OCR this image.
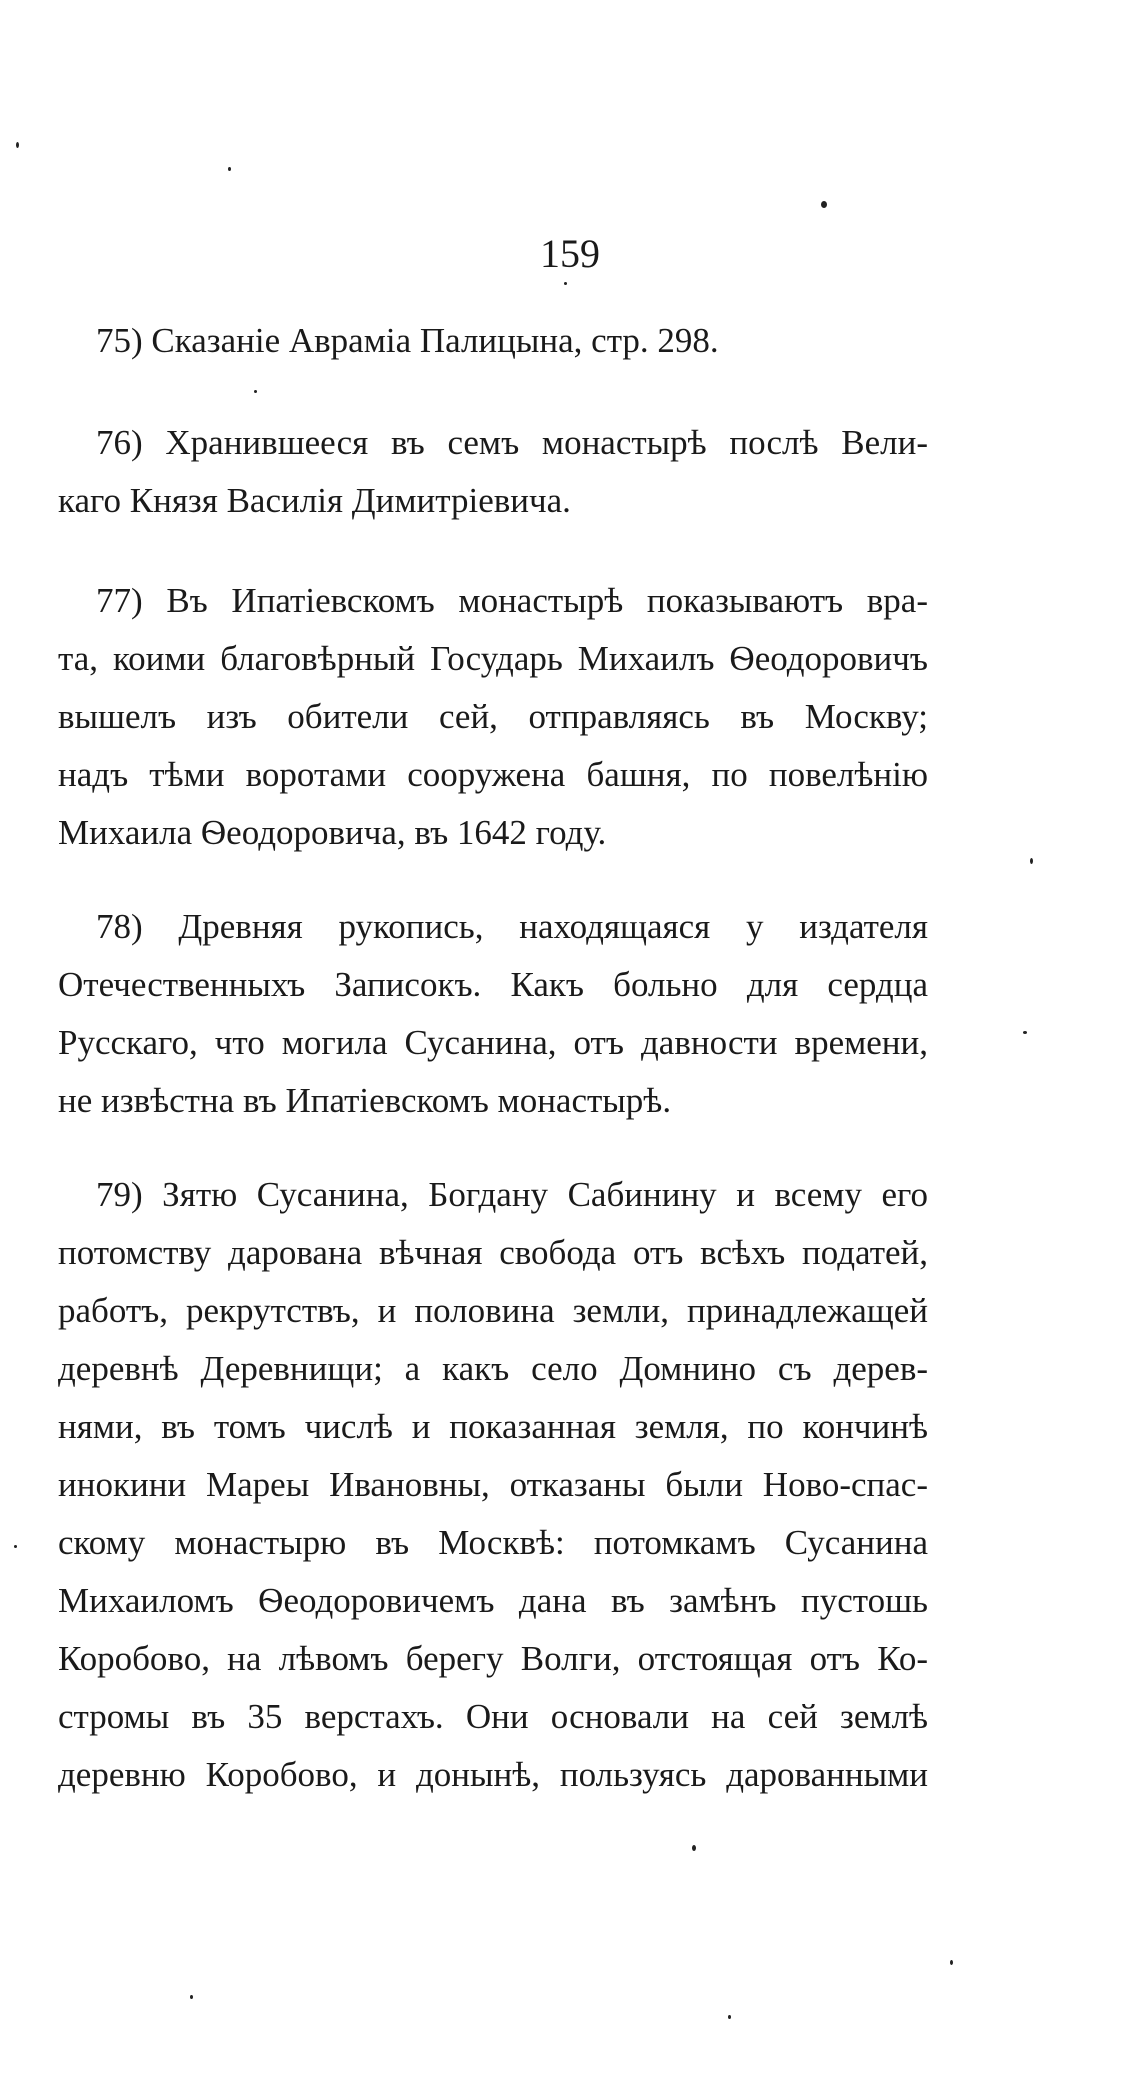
159
75) Сказаніе Авраміа Палицына, стр. 298.
76) Хранившееся въ семъ монастырѣ послѣ Вели-
каго Князя Василія Димитріевича.
77) Въ Ипатіевскомъ монастырѣ показываютъ вра-
та, коими благовѣрный Государь Михаилъ Ѳеодоровичъ
вышелъ изъ обители сей, отправляясь въ Москву;
надъ тѣми воротами сооружена башня, по повелѣнію
Михаила Ѳеодоровича, въ 1642 году.
78) Древняя рукопись, находящаяся у издателя
Отечественныхъ Записокъ. Какъ больно для сердца
Русскаго, что могила Сусанина, отъ давности времени,
не извѣстна въ Ипатіевскомъ монастырѣ.
79) Зятю Сусанина, Богдану Сабинину и всему его
потомству дарована вѣчная свобода отъ всѣхъ податей,
работъ, рекрутствъ, и половина земли, принадлежащей
деревнѣ Деревнищи; а какъ село Домнино съ дерев-
нями, въ томъ числѣ и показанная земля, по кончинѣ
инокини Мареы Ивановны, отказаны были Ново-спас-
скому монастырю въ Москвѣ: потомкамъ Сусанина
Михаиломъ Ѳеодоровичемъ дана въ замѣнъ пустошь
Коробово, на лѣвомъ берегу Волги, отстоящая отъ Ко-
стромы въ 35 верстахъ. Они основали на сей землѣ
деревню Коробово, и донынѣ, пользуясь дарованными
